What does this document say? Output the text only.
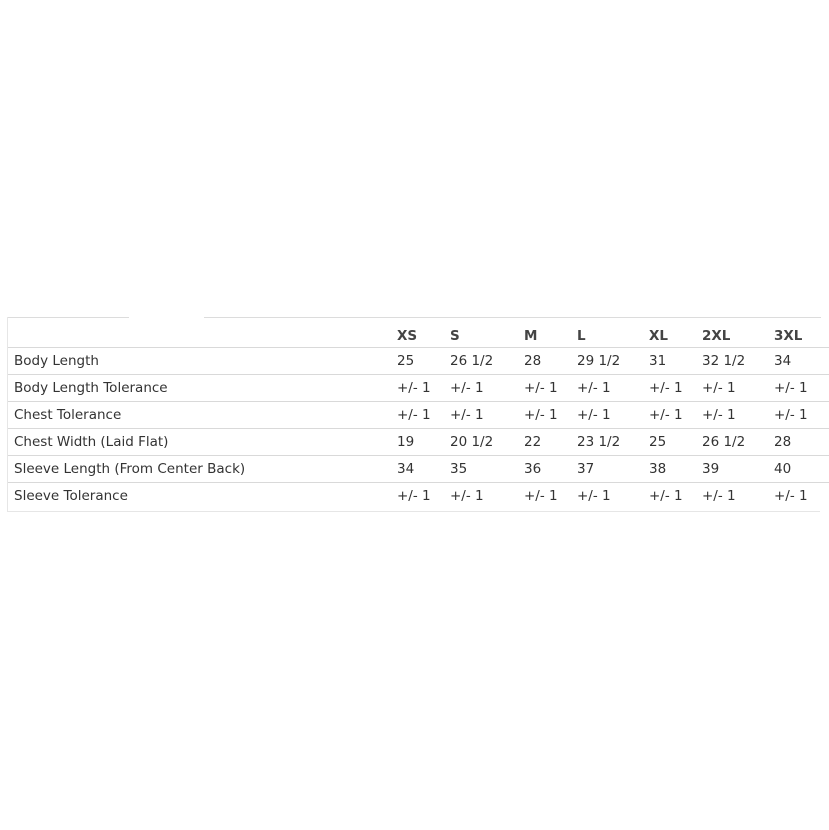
	XS	S	M	L	XL	2XL	3XL
Body Length	25	26 1/2	28	29 1/2	31	32 1/2	34
Body Length Tolerance	+/- 1	+/- 1	+/- 1	+/- 1	+/- 1	+/- 1	+/- 1
Chest Tolerance	+/- 1	+/- 1	+/- 1	+/- 1	+/- 1	+/- 1	+/- 1
Chest Width (Laid Flat)	19	20 1/2	22	23 1/2	25	26 1/2	28
Sleeve Length (From Center Back)	34	35	36	37	38	39	40
Sleeve Tolerance	+/- 1	+/- 1	+/- 1	+/- 1	+/- 1	+/- 1	+/- 1
